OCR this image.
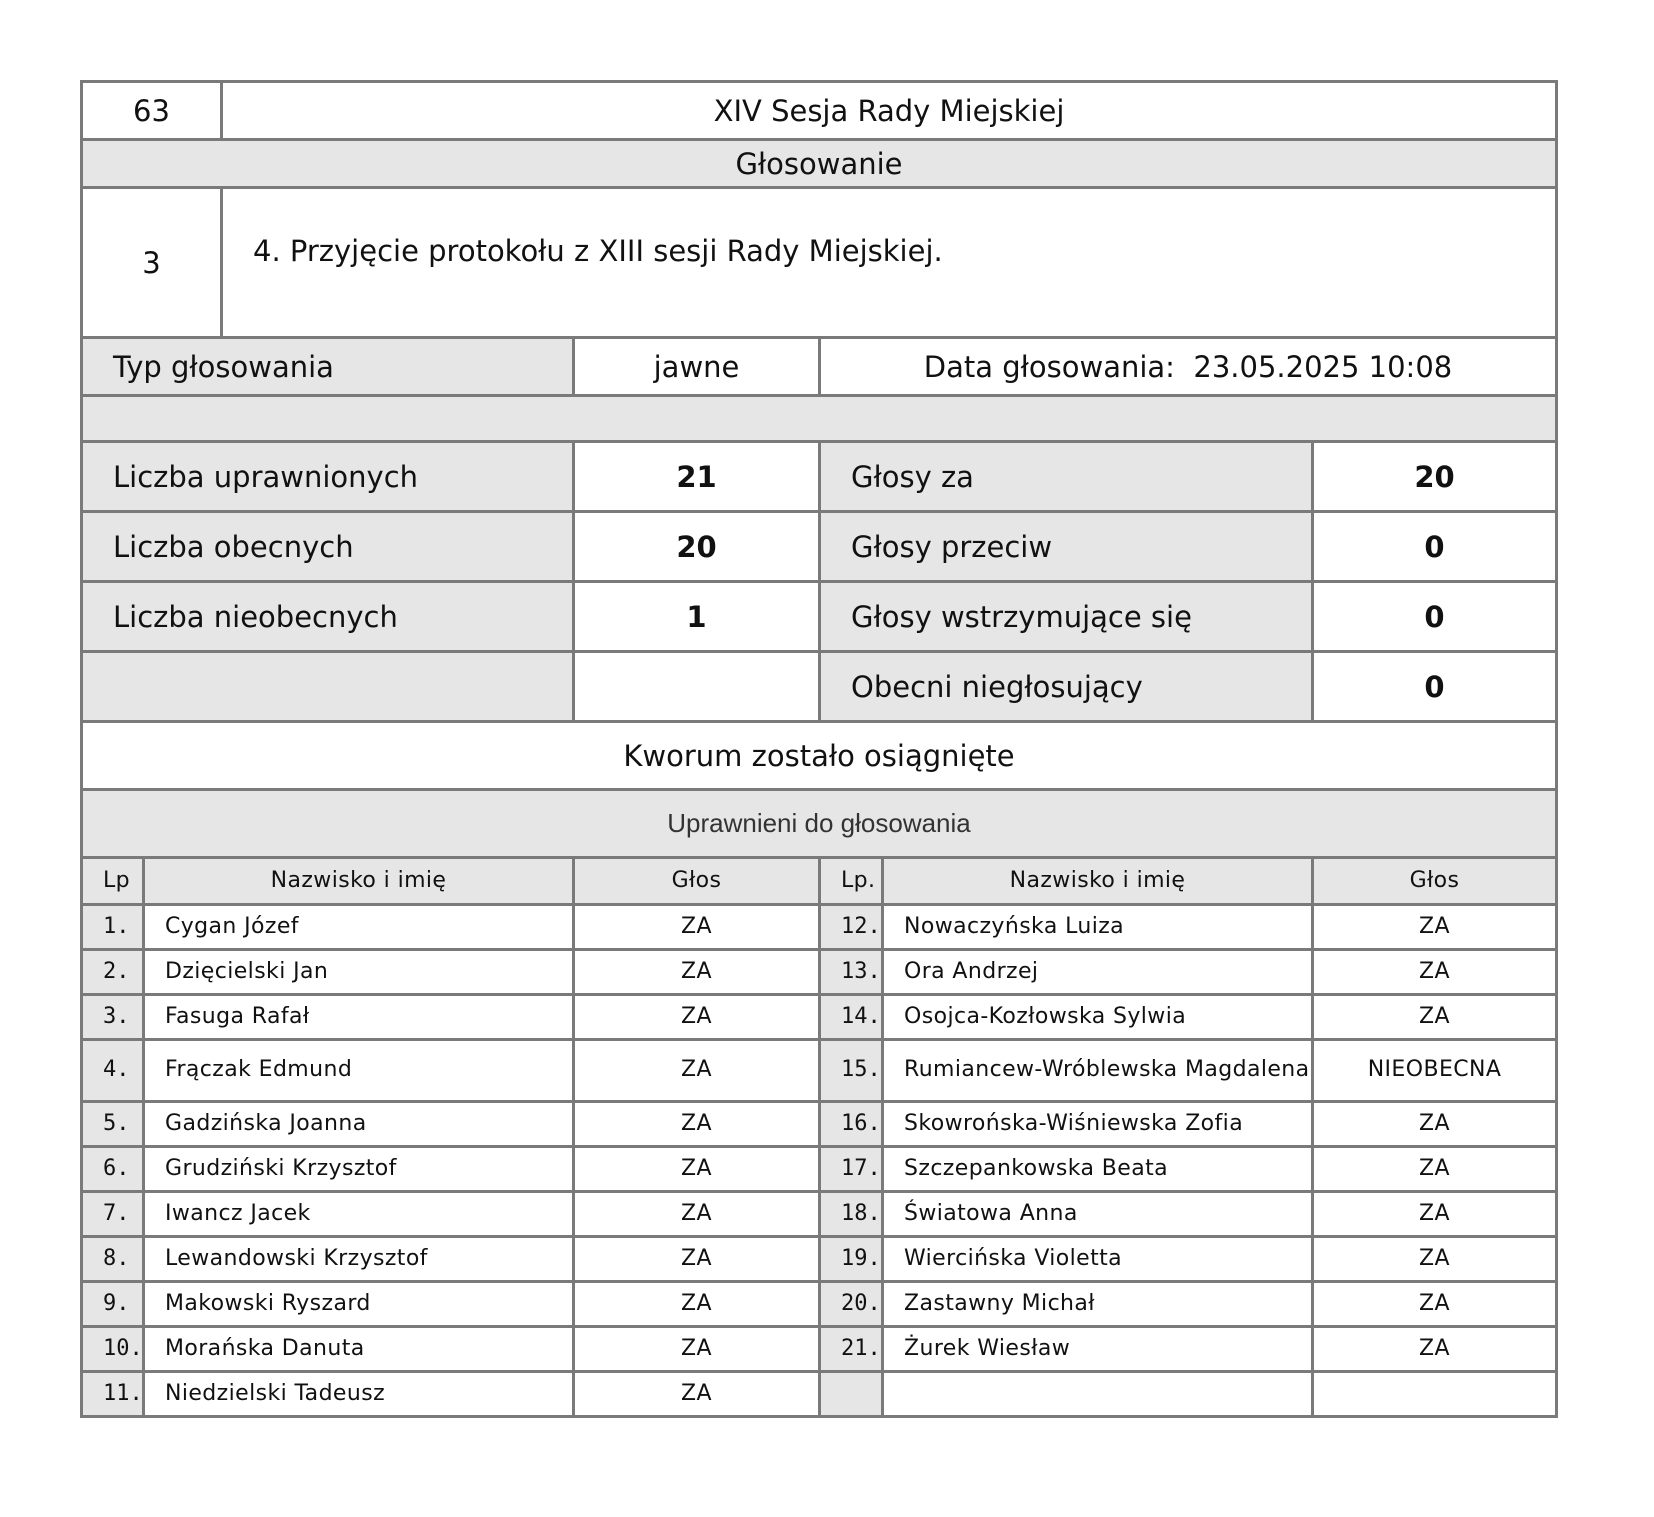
63	XIV Sesja Rady Miejskiej
Głosowanie	
3	4. Przyjęcie protokołu z XIII sesji Rady Miejskiej.
Typ głosowania	jawne	Data głosowania: 23.05.2025 10:08

Liczba uprawnionych	21	Głosy za	20
Liczba obecnych	20	Głosy przeciw	0
Liczba nieobecnych	1	Głosy wstrzymujące się	0
		Obecni niegłosujący	0
Kworum zostało osiągnięte			
Uprawnieni do głosowania			
Lp	Nazwisko i imię	Głos	Lp.	Nazwisko i imię	Głos
1.	Cygan Józef	ZA	12.	Nowaczyńska Luiza	ZA
2.	Dzięcielski Jan	ZA	13.	Ora Andrzej	ZA
3.	Fasuga Rafał	ZA	14.	Osojca-Kozłowska Sylwia	ZA
4.	Frączak Edmund	ZA	15.	Rumiancew-Wróblewska Magdalena	NIEOBECNA
5.	Gadzińska Joanna	ZA	16.	Skowrońska-Wiśniewska Zofia	ZA
6.	Grudziński Krzysztof	ZA	17.	Szczepankowska Beata	ZA
7.	Iwancz Jacek	ZA	18.	Światowa Anna	ZA
8.	Lewandowski Krzysztof	ZA	19.	Wiercińska Violetta	ZA
9.	Makowski Ryszard	ZA	20.	Zastawny Michał	ZA
10.	Morańska Danuta	ZA	21.	Żurek Wiesław	ZA
11.	Niedzielski Tadeusz	ZA			
